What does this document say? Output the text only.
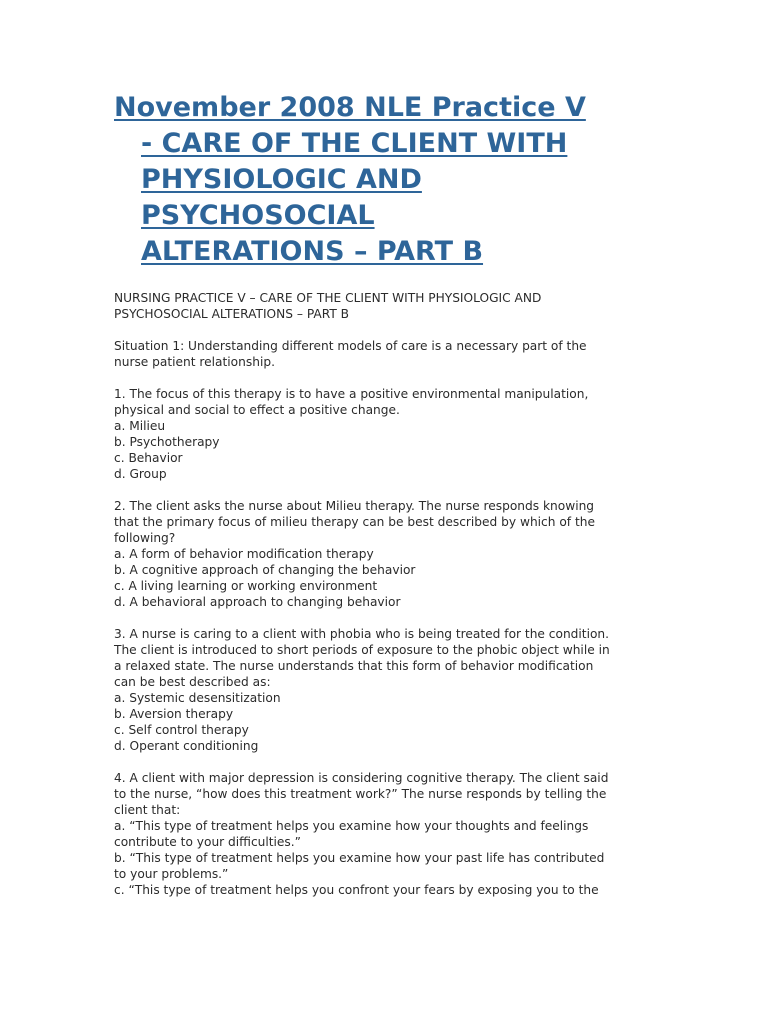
November 2008 NLE Practice V
- CARE OF THE CLIENT WITH
PHYSIOLOGIC AND
PSYCHOSOCIAL
ALTERATIONS – PART B

NURSING PRACTICE V – CARE OF THE CLIENT WITH PHYSIOLOGIC AND
PSYCHOSOCIAL ALTERATIONS – PART B

Situation 1: Understanding different models of care is a necessary part of the
nurse patient relationship.

1. The focus of this therapy is to have a positive environmental manipulation,
physical and social to effect a positive change.
a. Milieu
b. Psychotherapy
c. Behavior
d. Group

2. The client asks the nurse about Milieu therapy. The nurse responds knowing
that the primary focus of milieu therapy can be best described by which of the
following?
a. A form of behavior modification therapy
b. A cognitive approach of changing the behavior
c. A living learning or working environment
d. A behavioral approach to changing behavior

3. A nurse is caring to a client with phobia who is being treated for the condition.
The client is introduced to short periods of exposure to the phobic object while in
a relaxed state. The nurse understands that this form of behavior modification
can be best described as:
a. Systemic desensitization
b. Aversion therapy
c. Self control therapy
d. Operant conditioning

4. A client with major depression is considering cognitive therapy. The client said
to the nurse, “how does this treatment work?” The nurse responds by telling the
client that:
a. “This type of treatment helps you examine how your thoughts and feelings
contribute to your difficulties.”
b. “This type of treatment helps you examine how your past life has contributed
to your problems.”
c. “This type of treatment helps you confront your fears by exposing you to the
